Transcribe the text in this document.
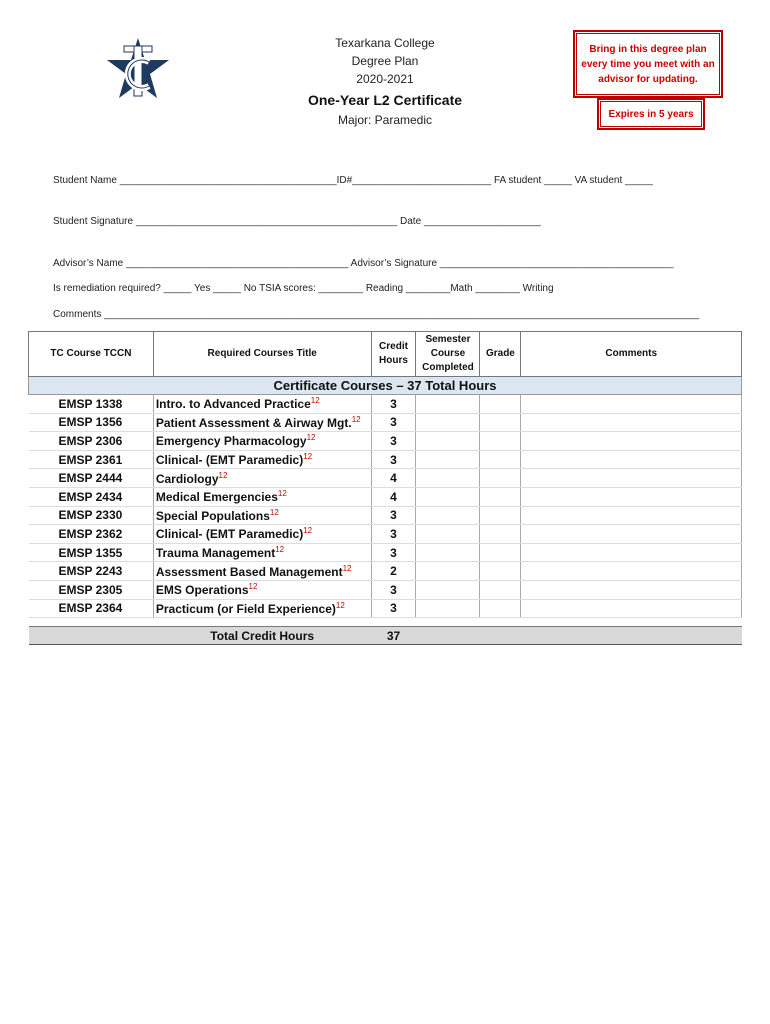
Texarkana College
Degree Plan
2020-2021
One-Year L2 Certificate
Major: Paramedic
Bring in this degree plan every time you meet with an advisor for updating.
Expires in 5 years
Student Name _______________________________________ID#_________________________ FA student _____ VA student _____
Student Signature _______________________________________________ Date _____________________
Advisor’s Name ________________________________________ Advisor’s Signature __________________________________________
Is remediation required? _____ Yes _____ No TSIA scores: ________ Reading ________Math ________ Writing
Comments ___________________________________________________________________________________________________________
TC Course TCCN	Required Courses Title	Credit Hours	Semester Course Completed	Grade	Comments
Certificate Courses – 37 Total Hours					
EMSP 1338	Intro. to Advanced Practice$^{12}$	3			
EMSP 1356	Patient Assessment & Airway Mgt.$^{12}$	3			
EMSP 2306	Emergency Pharmacology$^{12}$	3			
EMSP 2361	Clinical- (EMT Paramedic)$^{12}$	3			
EMSP 2444	Cardiology$^{12}$	4			
EMSP 2434	Medical Emergencies$^{12}$	4			
EMSP 2330	Special Populations$^{12}$	3			
EMSP 2362	Clinical- (EMT Paramedic)$^{12}$	3			
EMSP 1355	Trauma Management$^{12}$	3			
EMSP 2243	Assessment Based Management$^{12}$	2			
EMSP 2305	EMS Operations$^{12}$	3			
EMSP 2364	Practicum (or Field Experience)$^{12}$	3			

	Total Credit Hours	37			
